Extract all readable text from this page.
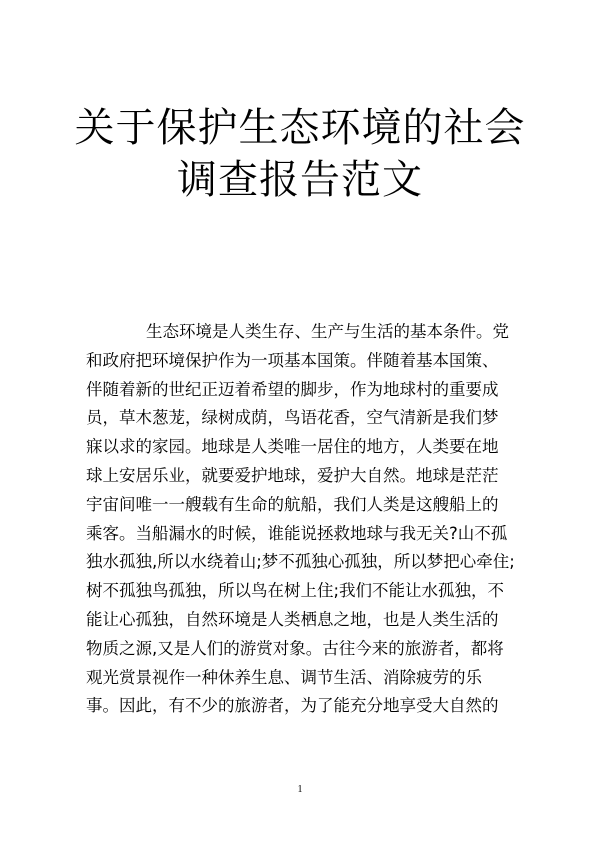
关于保护生态环境的社会
调查报告范文
生态环境是人类生存、生产与生活的基本条件。党
和政府把环境保护作为一项基本国策。伴随着基本国策、
伴随着新的世纪正迈着希望的脚步，作为地球村的重要成
员，草木葱茏，绿树成荫，鸟语花香，空气清新是我们梦
寐以求的家园。地球是人类唯一居住的地方，人类要在地
球上安居乐业，就要爱护地球，爱护大自然。地球是茫茫
宇宙间唯一一艘载有生命的航船，我们人类是这艘船上的
乘客。当船漏水的时候，谁能说拯救地球与我无关?山不孤
独水孤独,所以水绕着山;梦不孤独心孤独，所以梦把心牵住;
树不孤独鸟孤独，所以鸟在树上住;我们不能让水孤独，不
能让心孤独，自然环境是人类栖息之地，也是人类生活的
物质之源,又是人们的游赏对象。古往今来的旅游者，都将
观光赏景视作一种休养生息、调节生活、消除疲劳的乐
事。因此，有不少的旅游者，为了能充分地享受大自然的
1
